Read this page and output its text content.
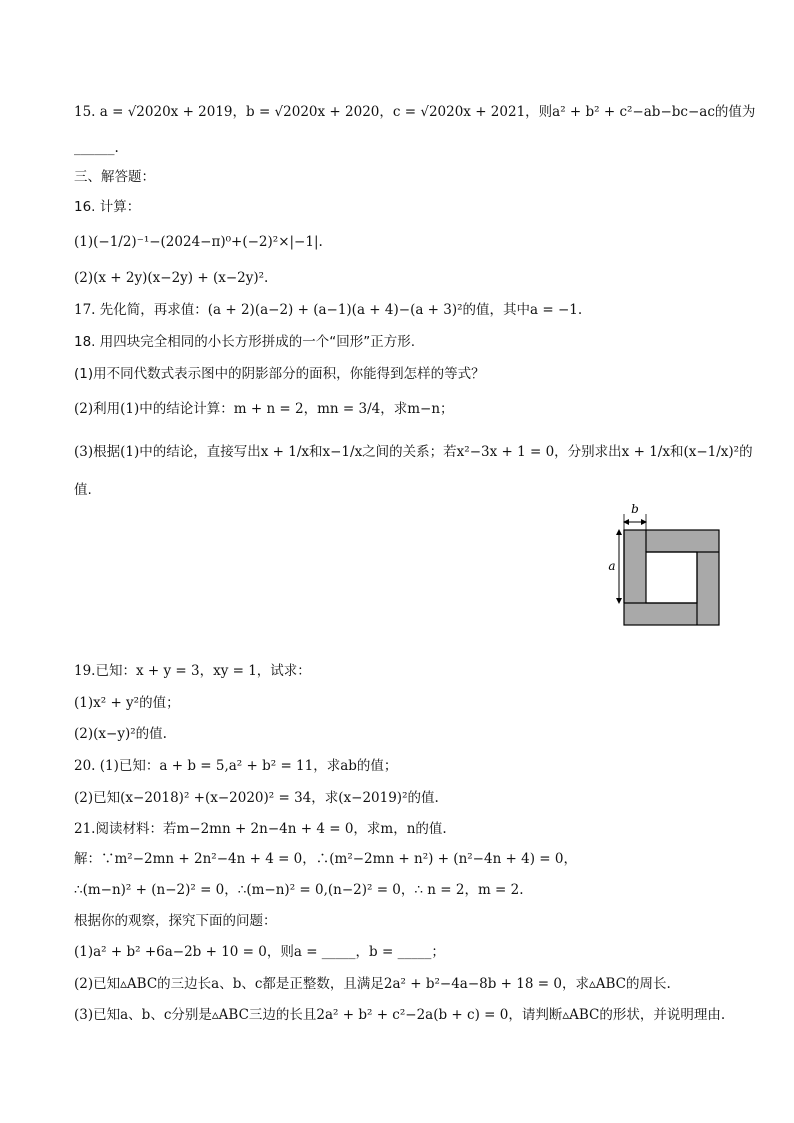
15. a = √2020x + 2019，b = √2020x + 2020，c = √2020x + 2021，则a² + b² + c²−ab−bc−ac的值为
______.
三、解答题：
16. 计算：
(1)(−1/2)⁻¹−(2024−π)⁰+(−2)²×|−1|.
(2)(x + 2y)(x−2y) + (x−2y)².
17. 先化简，再求值：(a + 2)(a−2) + (a−1)(a + 4)−(a + 3)²的值，其中a = −1.
18. 用四块完全相同的小长方形拼成的一个“回形”正方形.
(1)用不同代数式表示图中的阴影部分的面积，你能得到怎样的等式？
(2)利用(1)中的结论计算：m + n = 2，mn = 3/4，求m−n；
(3)根据(1)中的结论，直接写出x + 1/x和x−1/x之间的关系；若x²−3x + 1 = 0，分别求出x + 1/x和(x−1/x)²的
值.
b
a
19.已知：x + y = 3，xy = 1，试求：
(1)x² + y²的值；
(2)(x−y)²的值.
20. (1)已知：a + b = 5,a² + b² = 11，求ab的值；
(2)已知(x−2018)² +(x−2020)² = 34，求(x−2019)²的值.
21.阅读材料：若m−2mn + 2n−4n + 4 = 0，求m，n的值.
解：∵m²−2mn + 2n²−4n + 4 = 0，∴(m²−2mn + n²) + (n²−4n + 4) = 0，
∴(m−n)² + (n−2)² = 0，∴(m−n)² = 0,(n−2)² = 0，∴ n = 2，m = 2.
根据你的观察，探究下面的问题：
(1)a² + b² +6a−2b + 10 = 0，则a = _____，b = _____；
(2)已知▵ABC的三边长a、b、c都是正整数，且满足2a² + b²−4a−8b + 18 = 0，求▵ABC的周长.
(3)已知a、b、c分别是▵ABC三边的长且2a² + b² + c²−2a(b + c) = 0，请判断▵ABC的形状，并说明理由.
